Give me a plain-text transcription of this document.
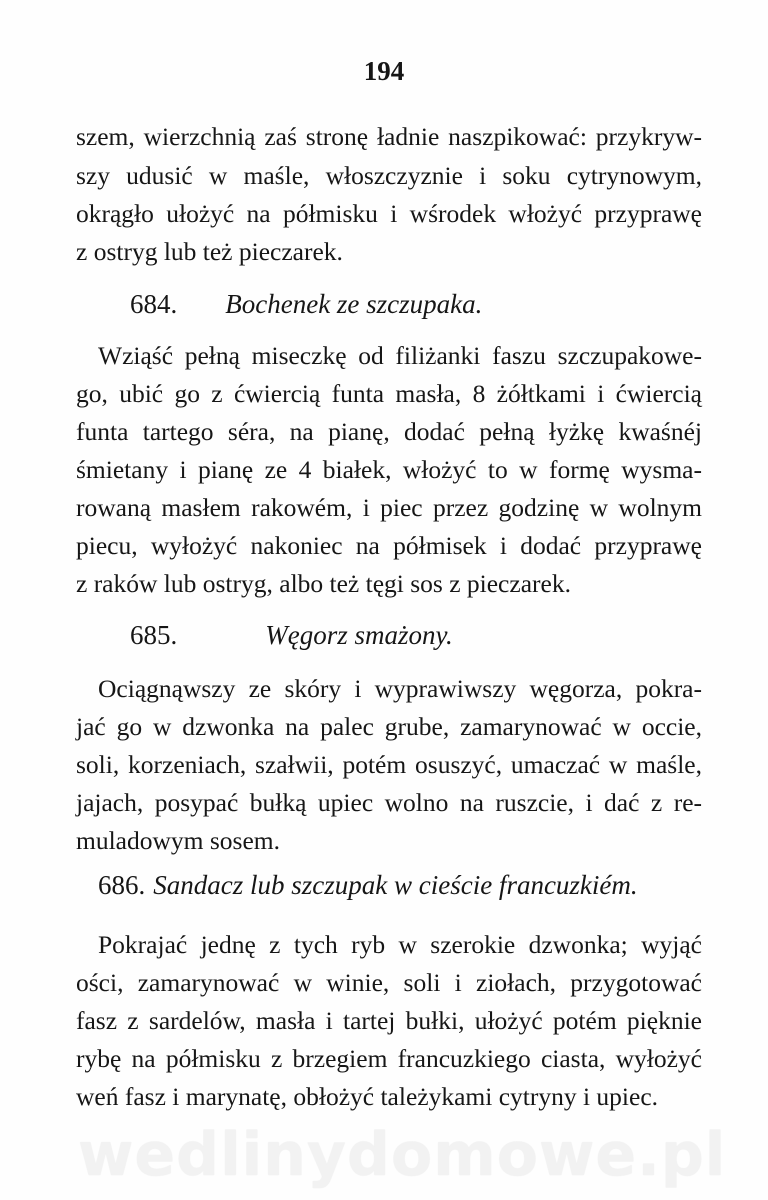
wedlinydomowe.pl
194
szem, wierzchnią zaś stronę ładnie naszpikować: przykryw-
szy udusić w maśle, włoszczyznie i soku cytrynowym,
okrągło ułożyć na półmisku i wśrodek włożyć przyprawę
z ostryg lub też pieczarek.
684. Bochenek ze szczupaka.
Wziąść pełną miseczkę od filiżanki faszu szczupakowe-
go, ubić go z ćwiercią funta masła, 8 żółtkami i ćwiercią
funta tartego séra, na pianę, dodać pełną łyżkę kwaśnéj
śmietany i pianę ze 4 białek, włożyć to w formę wysma-
rowaną masłem rakowém, i piec przez godzinę w wolnym
piecu, wyłożyć nakoniec na półmisek i dodać przyprawę
z raków lub ostryg, albo też tęgi sos z pieczarek.
685.	Węgorz smażony.
Ociągnąwszy ze skóry i wyprawiwszy węgorza, pokra-
jać go w dzwonka na palec grube, zamarynować w occie,
soli, korzeniach, szałwii, potém osuszyć, umaczać w maśle,
jajach, posypać bułką upiec wolno na ruszcie, i dać z re-
muladowym sosem.
686. Sandacz lub szczupak w cieście francuzkiém.
Pokrajać jednę z tych ryb w szerokie dzwonka; wyjąć
ości, zamarynować w winie, soli i ziołach, przygotować
fasz z sardelów, masła i tartej bułki, ułożyć potém pięknie
rybę na półmisku z brzegiem francuzkiego ciasta, wyłożyć
weń fasz i marynatę, obłożyć tależykami cytryny i upiec.
